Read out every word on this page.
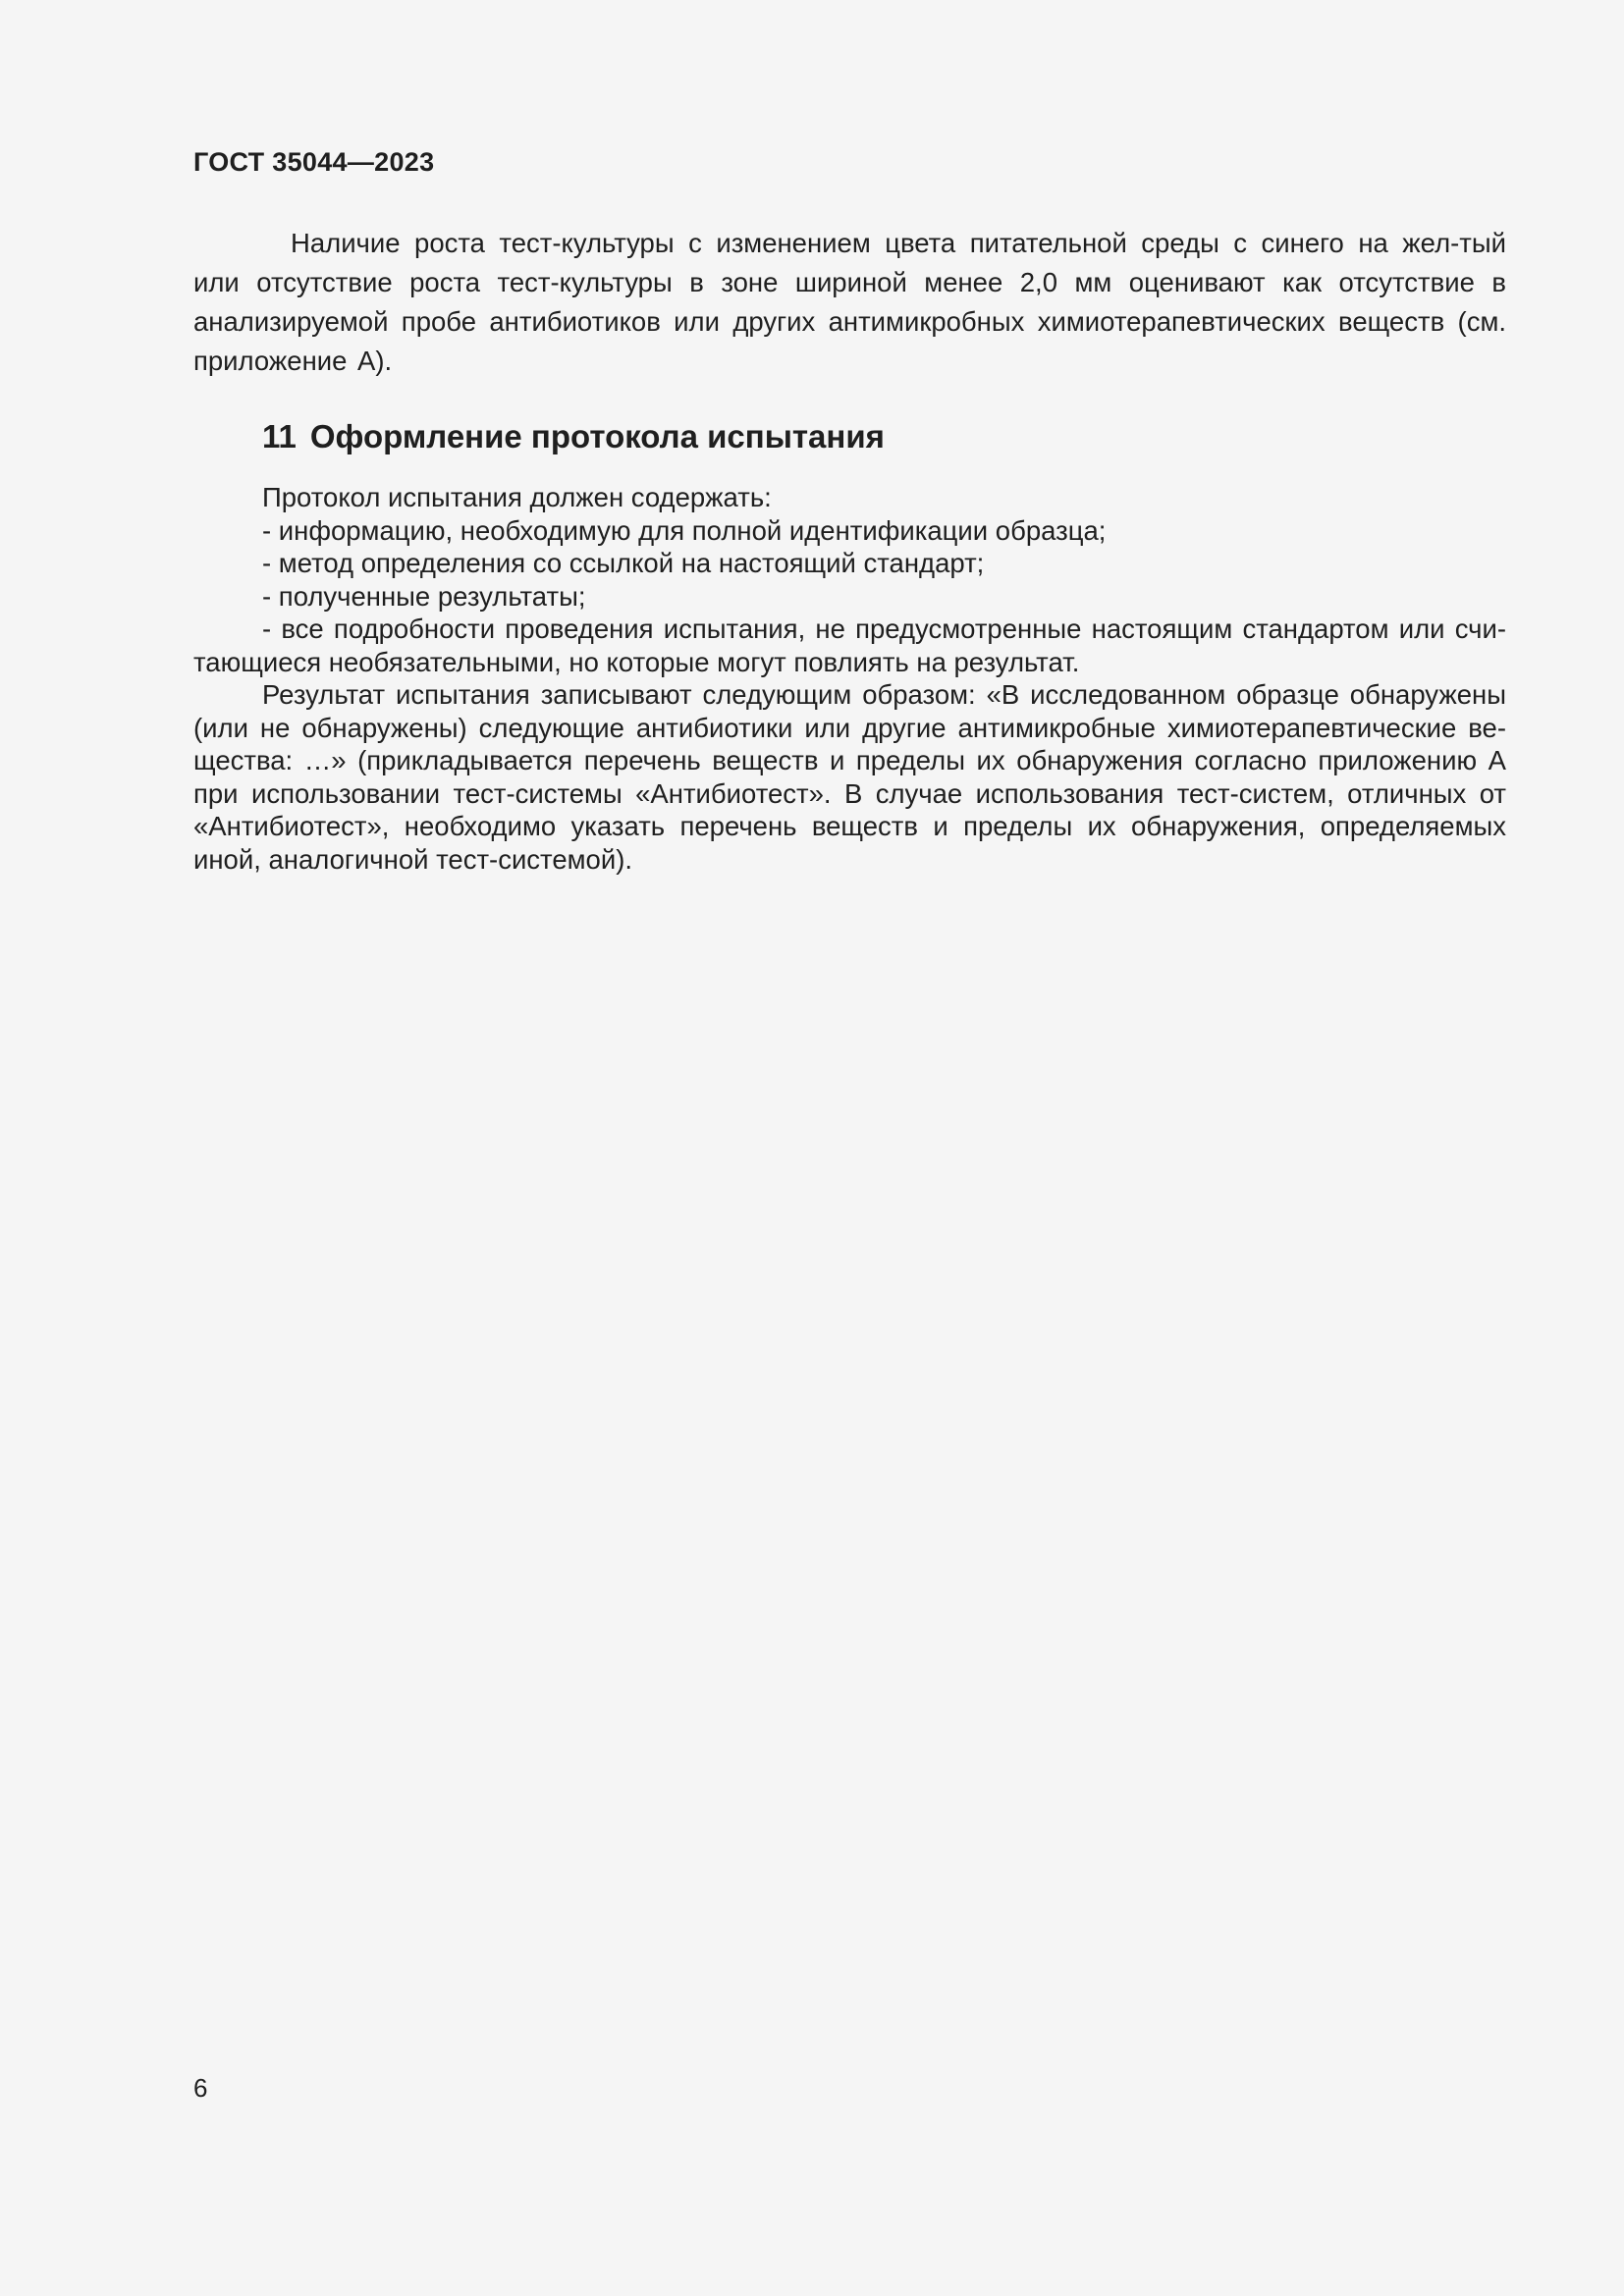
ГОСТ 35044—2023

Наличие роста тест-культуры с изменением цвета питательной среды с синего на жел-тый или отсутствие роста тест-культуры в зоне шириной менее 2,0 мм оценивают как отсутствие в анализируемой пробе антибиотиков или других антимикробных химиотерапевтических веществ (см. приложение А).

11 Оформление протокола испытания

Протокол испытания должен содержать:

- информацию, необходимую для полной идентификации образца;

- метод определения со ссылкой на настоящий стандарт;

- полученные результаты;

- все подробности проведения испытания, не предусмотренные настоящим стандартом или счи-тающиеся необязательными, но которые могут повлиять на результат.

Результат испытания записывают следующим образом: «В исследованном образце обнаружены (или не обнаружены) следующие антибиотики или другие антимикробные химиотерапевтические ве-щества: …» (прикладывается перечень веществ и пределы их обнаружения согласно приложению А при использовании тест-системы «Антибиотест». В случае использования тест-систем, отличных от «Антибиотест», необходимо указать перечень веществ и пределы их обнаружения, определяемых иной, аналогичной тест-системой).

6
